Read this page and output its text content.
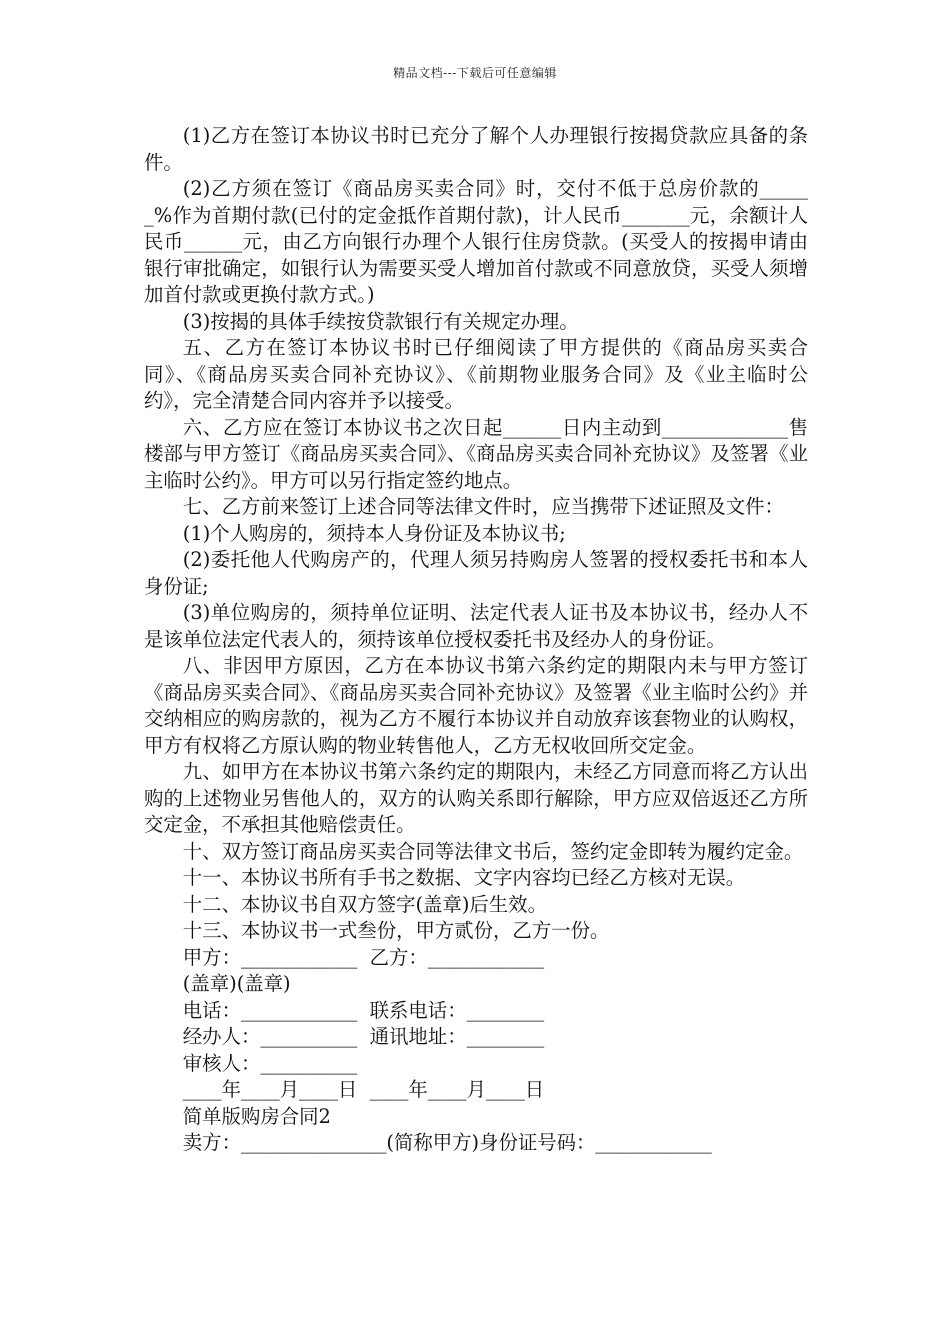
精品文档---下载后可任意编辑

(1)乙方在签订本协议书时已充分了解个人办理银行按揭贷款应具备的条件。

(2)乙方须在签订《商品房买卖合同》时，交付不低于总房价款的______%作为首期付款(已付的定金抵作首期付款)，计人民币_______元，余额计人民币______元，由乙方向银行办理个人银行住房贷款。(买受人的按揭申请由银行审批确定，如银行认为需要买受人增加首付款或不同意放贷，买受人须增加首付款或更换付款方式。)

(3)按揭的具体手续按贷款银行有关规定办理。

五、乙方在签订本协议书时已仔细阅读了甲方提供的《商品房买卖合同》、《商品房买卖合同补充协议》、《前期物业服务合同》及《业主临时公约》，完全清楚合同内容并予以接受。

六、乙方应在签订本协议书之次日起______日内主动到_____________售楼部与甲方签订《商品房买卖合同》、《商品房买卖合同补充协议》及签署《业主临时公约》。甲方可以另行指定签约地点。

七、乙方前来签订上述合同等法律文件时，应当携带下述证照及文件：

(1)个人购房的，须持本人身份证及本协议书;

(2)委托他人代购房产的，代理人须另持购房人签署的授权委托书和本人身份证;

(3)单位购房的，须持单位证明、法定代表人证书及本协议书，经办人不是该单位法定代表人的，须持该单位授权委托书及经办人的身份证。

八、非因甲方原因，乙方在本协议书第六条约定的期限内未与甲方签订《商品房买卖合同》、《商品房买卖合同补充协议》及签署《业主临时公约》并交纳相应的购房款的，视为乙方不履行本协议并自动放弃该套物业的认购权，甲方有权将乙方原认购的物业转售他人，乙方无权收回所交定金。

九、如甲方在本协议书第六条约定的期限内，未经乙方同意而将乙方认出购的上述物业另售他人的，双方的认购关系即行解除，甲方应双倍返还乙方所交定金，不承担其他赔偿责任。

十、双方签订商品房买卖合同等法律文书后，签约定金即转为履约定金。

十一、本协议书所有手书之数据、文字内容均已经乙方核对无误。

十二、本协议书自双方签字(盖章)后生效。

十三、本协议书一式叁份，甲方贰份，乙方一份。

甲方：____________  乙方：____________

(盖章)(盖章)

电话：____________  联系电话：________

经办人：__________  通讯地址：________

审核人：__________

____年____月____日  ____年____月____日

简单版购房合同2

卖方：_______________(简称甲方)身份证号码：____________
